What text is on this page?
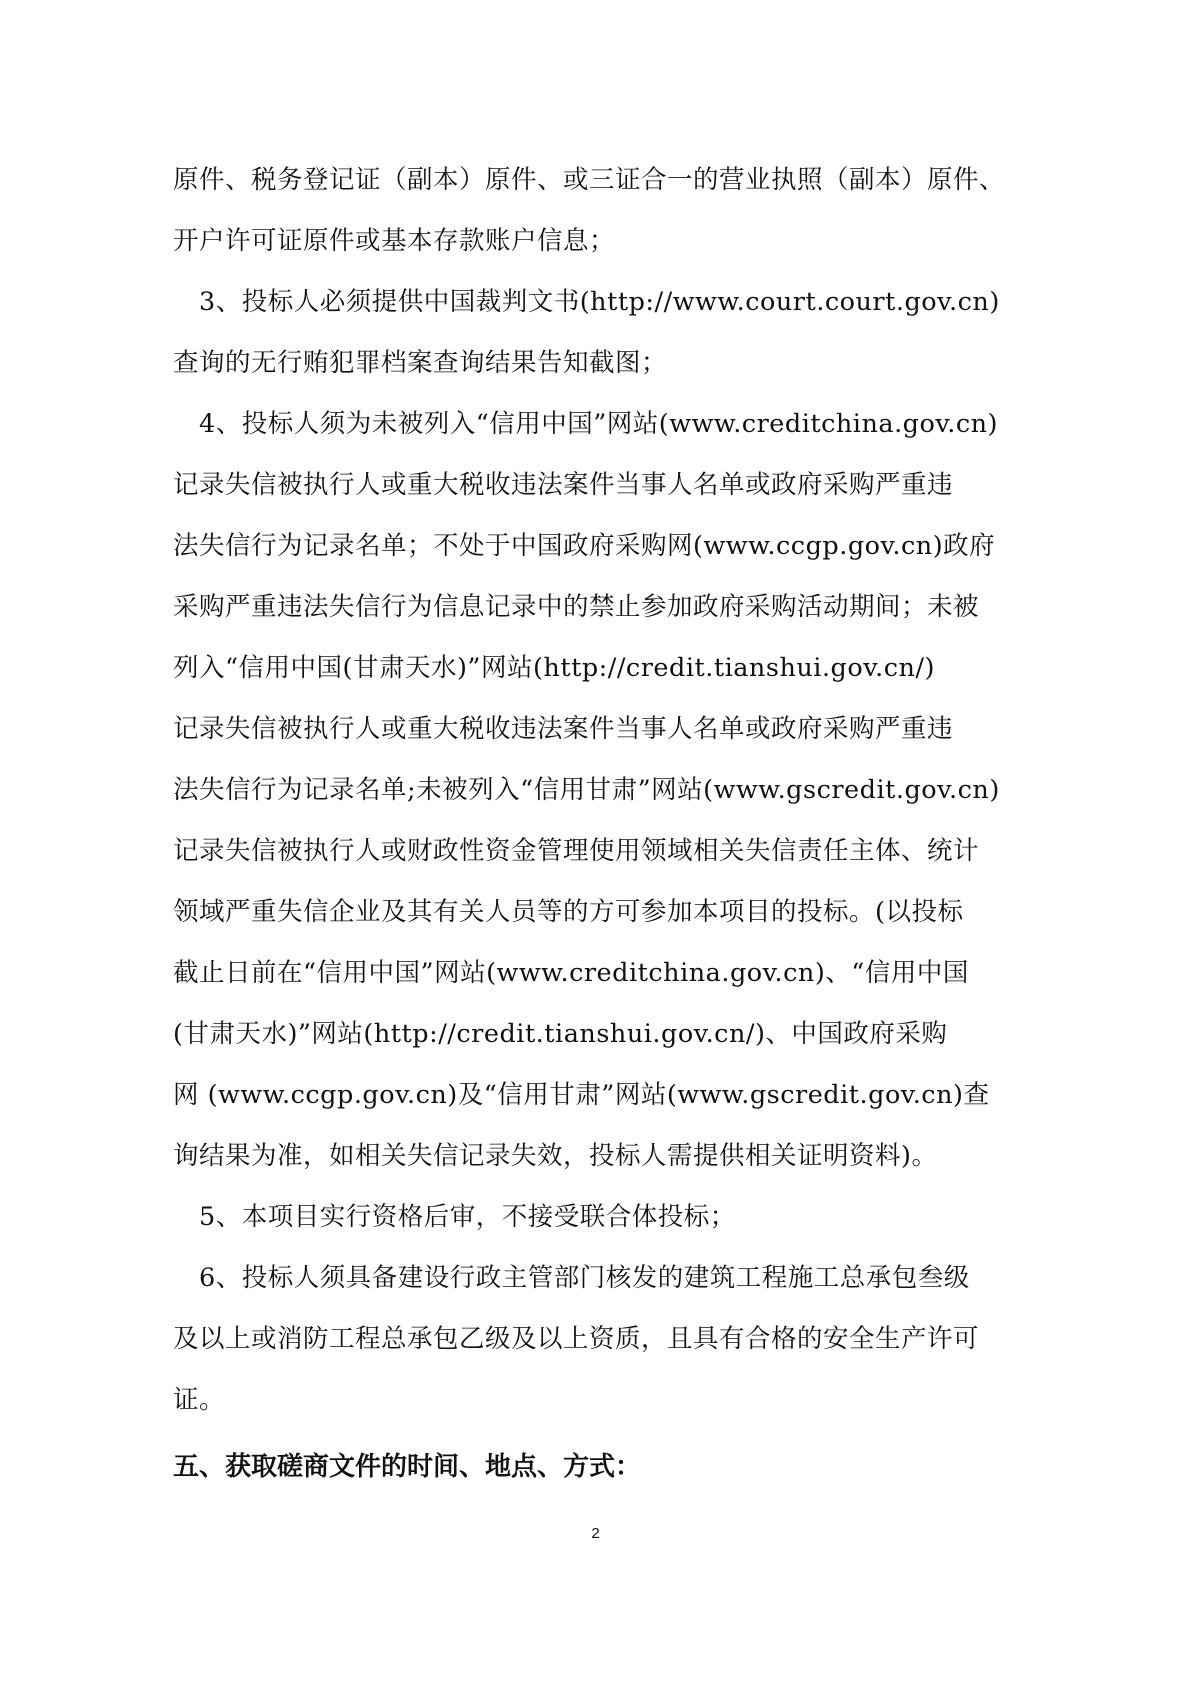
原件、税务登记证（副本）原件、或三证合一的营业执照（副本）原件、
开户许可证原件或基本存款账户信息；
3、投标人必须提供中国裁判文书(http://www.court.court.gov.cn)
查询的无行贿犯罪档案查询结果告知截图；
4、投标人须为未被列入“信用中国”网站(www.creditchina.gov.cn)
记录失信被执行人或重大税收违法案件当事人名单或政府采购严重违
法失信行为记录名单；不处于中国政府采购网(www.ccgp.gov.cn)政府
采购严重违法失信行为信息记录中的禁止参加政府采购活动期间；未被
列入“信用中国(甘肃天水)”网站(http://credit.tianshui.gov.cn/)
记录失信被执行人或重大税收违法案件当事人名单或政府采购严重违
法失信行为记录名单;未被列入“信用甘肃”网站(www.gscredit.gov.cn)
记录失信被执行人或财政性资金管理使用领域相关失信责任主体、统计
领域严重失信企业及其有关人员等的方可参加本项目的投标。(以投标
截止日前在“信用中国”网站(www.creditchina.gov.cn)、“信用中国
(甘肃天水)”网站(http://credit.tianshui.gov.cn/)、中国政府采购
网 (www.ccgp.gov.cn)及“信用甘肃”网站(www.gscredit.gov.cn)查
询结果为准，如相关失信记录失效，投标人需提供相关证明资料)。
5、本项目实行资格后审，不接受联合体投标；
6、投标人须具备建设行政主管部门核发的建筑工程施工总承包叁级
及以上或消防工程总承包乙级及以上资质，且具有合格的安全生产许可
证。
五、获取磋商文件的时间、地点、方式：
2
